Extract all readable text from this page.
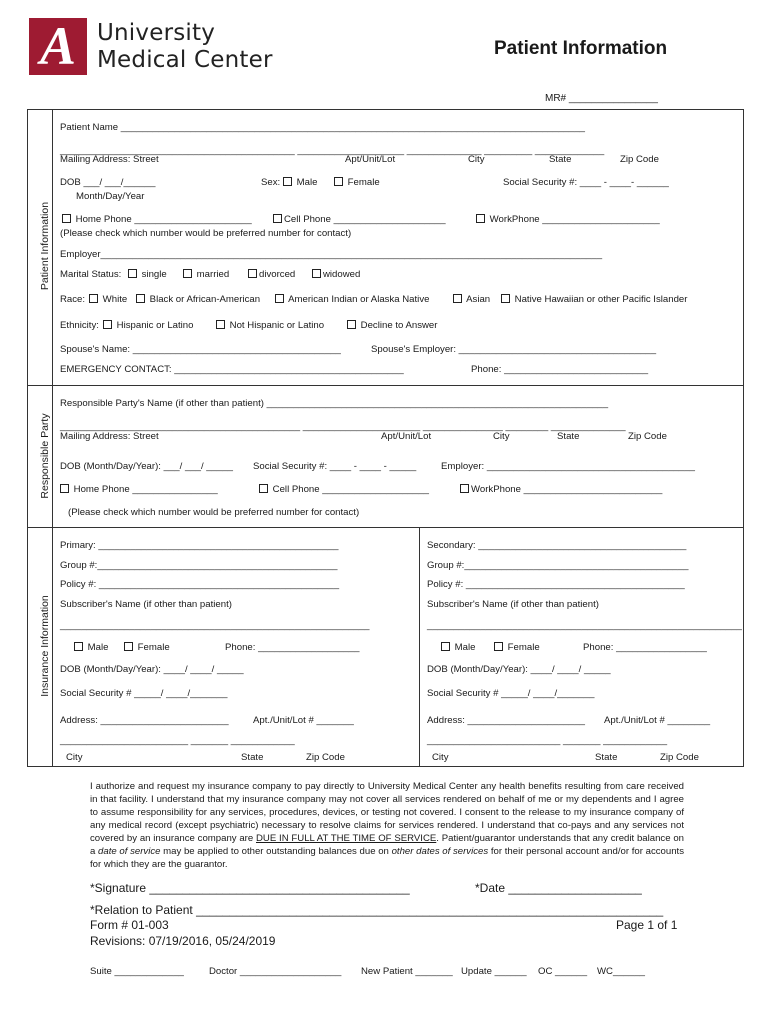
A University
Medical Center	Patient Information
MR# ________________
Patient Information
Responsible Party
Insurance Information
Patient Name _______________________________________________________________________________________
____________________________________________ ____________________ ______________ _________ _____________
Mailing Address: Street	Apt/Unit/Lot	City	State	Zip Code
DOB ___/ ___/______
Month/Day/Year
Sex:	Male	Female	Social Security #: ____ - ____- ______
Home Phone ______________________	Cell Phone _____________________	WorkPhone ______________________
(Please check which number would be preferred number for contact)
Employer______________________________________________________________________________________________
Marital Status:	single	married	divorced	widowed
Race:	White	Black or African-American	American Indian or Alaska Native	Asian	Native Hawaiian or other Pacific Islander
Ethnicity:	Hispanic or Latino	Not Hispanic or Latino	Decline to Answer
Spouse's Name: _______________________________________	Spouse's Employer: _____________________________________
EMERGENCY CONTACT: ___________________________________________	Phone: ___________________________
Responsible Party's Name (if other than patient) ________________________________________________________________
_____________________________________________ ______________________ _______________ ________ ______________
Mailing Address: Street	Apt/Unit/Lot	City	State	Zip Code
DOB (Month/Day/Year): ___/ ___/ _____ Social Security #: ____ - ____ - _____	Employer: _______________________________________
Home Phone ________________	Cell Phone ____________________	WorkPhone __________________________
(Please check which number would be preferred number for contact)
Primary: _____________________________________________
Group #:_____________________________________________
Policy #: _____________________________________________
Subscriber's Name (if other than patient)
__________________________________________________________
Male	Female	Phone: ___________________
DOB (Month/Day/Year): ____/ ____/ _____
Social Security # _____/ ____/_______
Address: ________________________	Apt./Unit/Lot # _______
________________________ _______ ____________
City	State	Zip Code
Secondary: _______________________________________
Group #:__________________________________________
Policy #: _________________________________________
Subscriber's Name (if other than patient)
___________________________________________________________
Male	Female	Phone: _________________
DOB (Month/Day/Year): ____/ ____/ _____
Social Security # _____/ ____/_______
Address: ______________________ Apt./Unit/Lot # ________
_________________________ _______ ____________
City	State	Zip Code
I authorize and request my insurance company to pay directly to University Medical Center any health benefits resulting from care received in that facility. I understand that my insurance company may not cover all services rendered on behalf of me or my dependents and I agree to assume responsibility for any services, procedures, devices, or testing not covered. I consent to the release to my insurance company of any medical record (except psychiatric) necessary to resolve claims for services rendered. I understand that co-pays and any services not covered by an insurance company are DUE IN FULL AT THE TIME OF SERVICE. Patient/guarantor understands that any credit balance on a date of service may be applied to other outstanding balances due on other dates of services for their personal account and/or for accounts for which they are the guarantor.
*Signature _______________________________________	*Date ____________________
*Relation to Patient ______________________________________________________________________
Form # 01-003	Page 1 of 1
Revisions: 07/19/2016, 05/24/2019
Suite _____________	Doctor ___________________ New Patient _______ Update ______ OC ______ WC______
